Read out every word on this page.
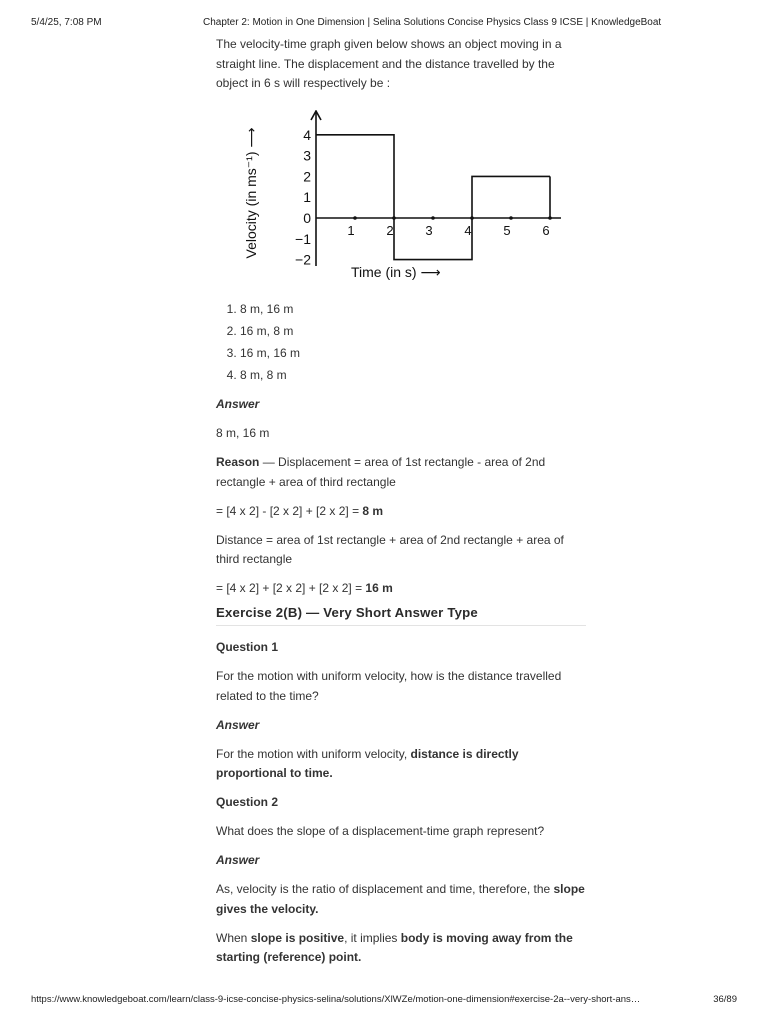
5/4/25, 7:08 PM	Chapter 2: Motion in One Dimension | Selina Solutions Concise Physics Class 9 ICSE | KnowledgeBoat

The velocity-time graph given below shows an object moving in a straight line. The displacement and the distance travelled by the object in 6 s will respectively be :

1 2 3 4 5 6
4
3
2
1
0
−1
−2
Time (in s) ⟶
Velocity (in ms⁻¹) ⟶
1. 8 m, 16 m
2. 16 m, 8 m
3. 16 m, 16 m
4. 8 m, 8 m

Answer

8 m, 16 m

Reason — Displacement = area of 1st rectangle - area of 2nd rectangle + area of third rectangle

= [4 x 2] - [2 x 2] + [2 x 2] = 8 m

Distance = area of 1st rectangle + area of 2nd rectangle + area of third rectangle

= [4 x 2] + [2 x 2] + [2 x 2] = 16 m

Exercise 2(B) — Very Short Answer Type

Question 1

For the motion with uniform velocity, how is the distance travelled related to the time?

Answer

For the motion with uniform velocity, distance is directly proportional to time.

Question 2

What does the slope of a displacement-time graph represent?

Answer

As, velocity is the ratio of displacement and time, therefore, the slope gives the velocity.

When slope is positive, it implies body is moving away from the starting (reference) point.

https://www.knowledgeboat.com/learn/class-9-icse-concise-physics-selina/solutions/XlWZe/motion-one-dimension#exercise-2a--very-short-ans…	36/89
